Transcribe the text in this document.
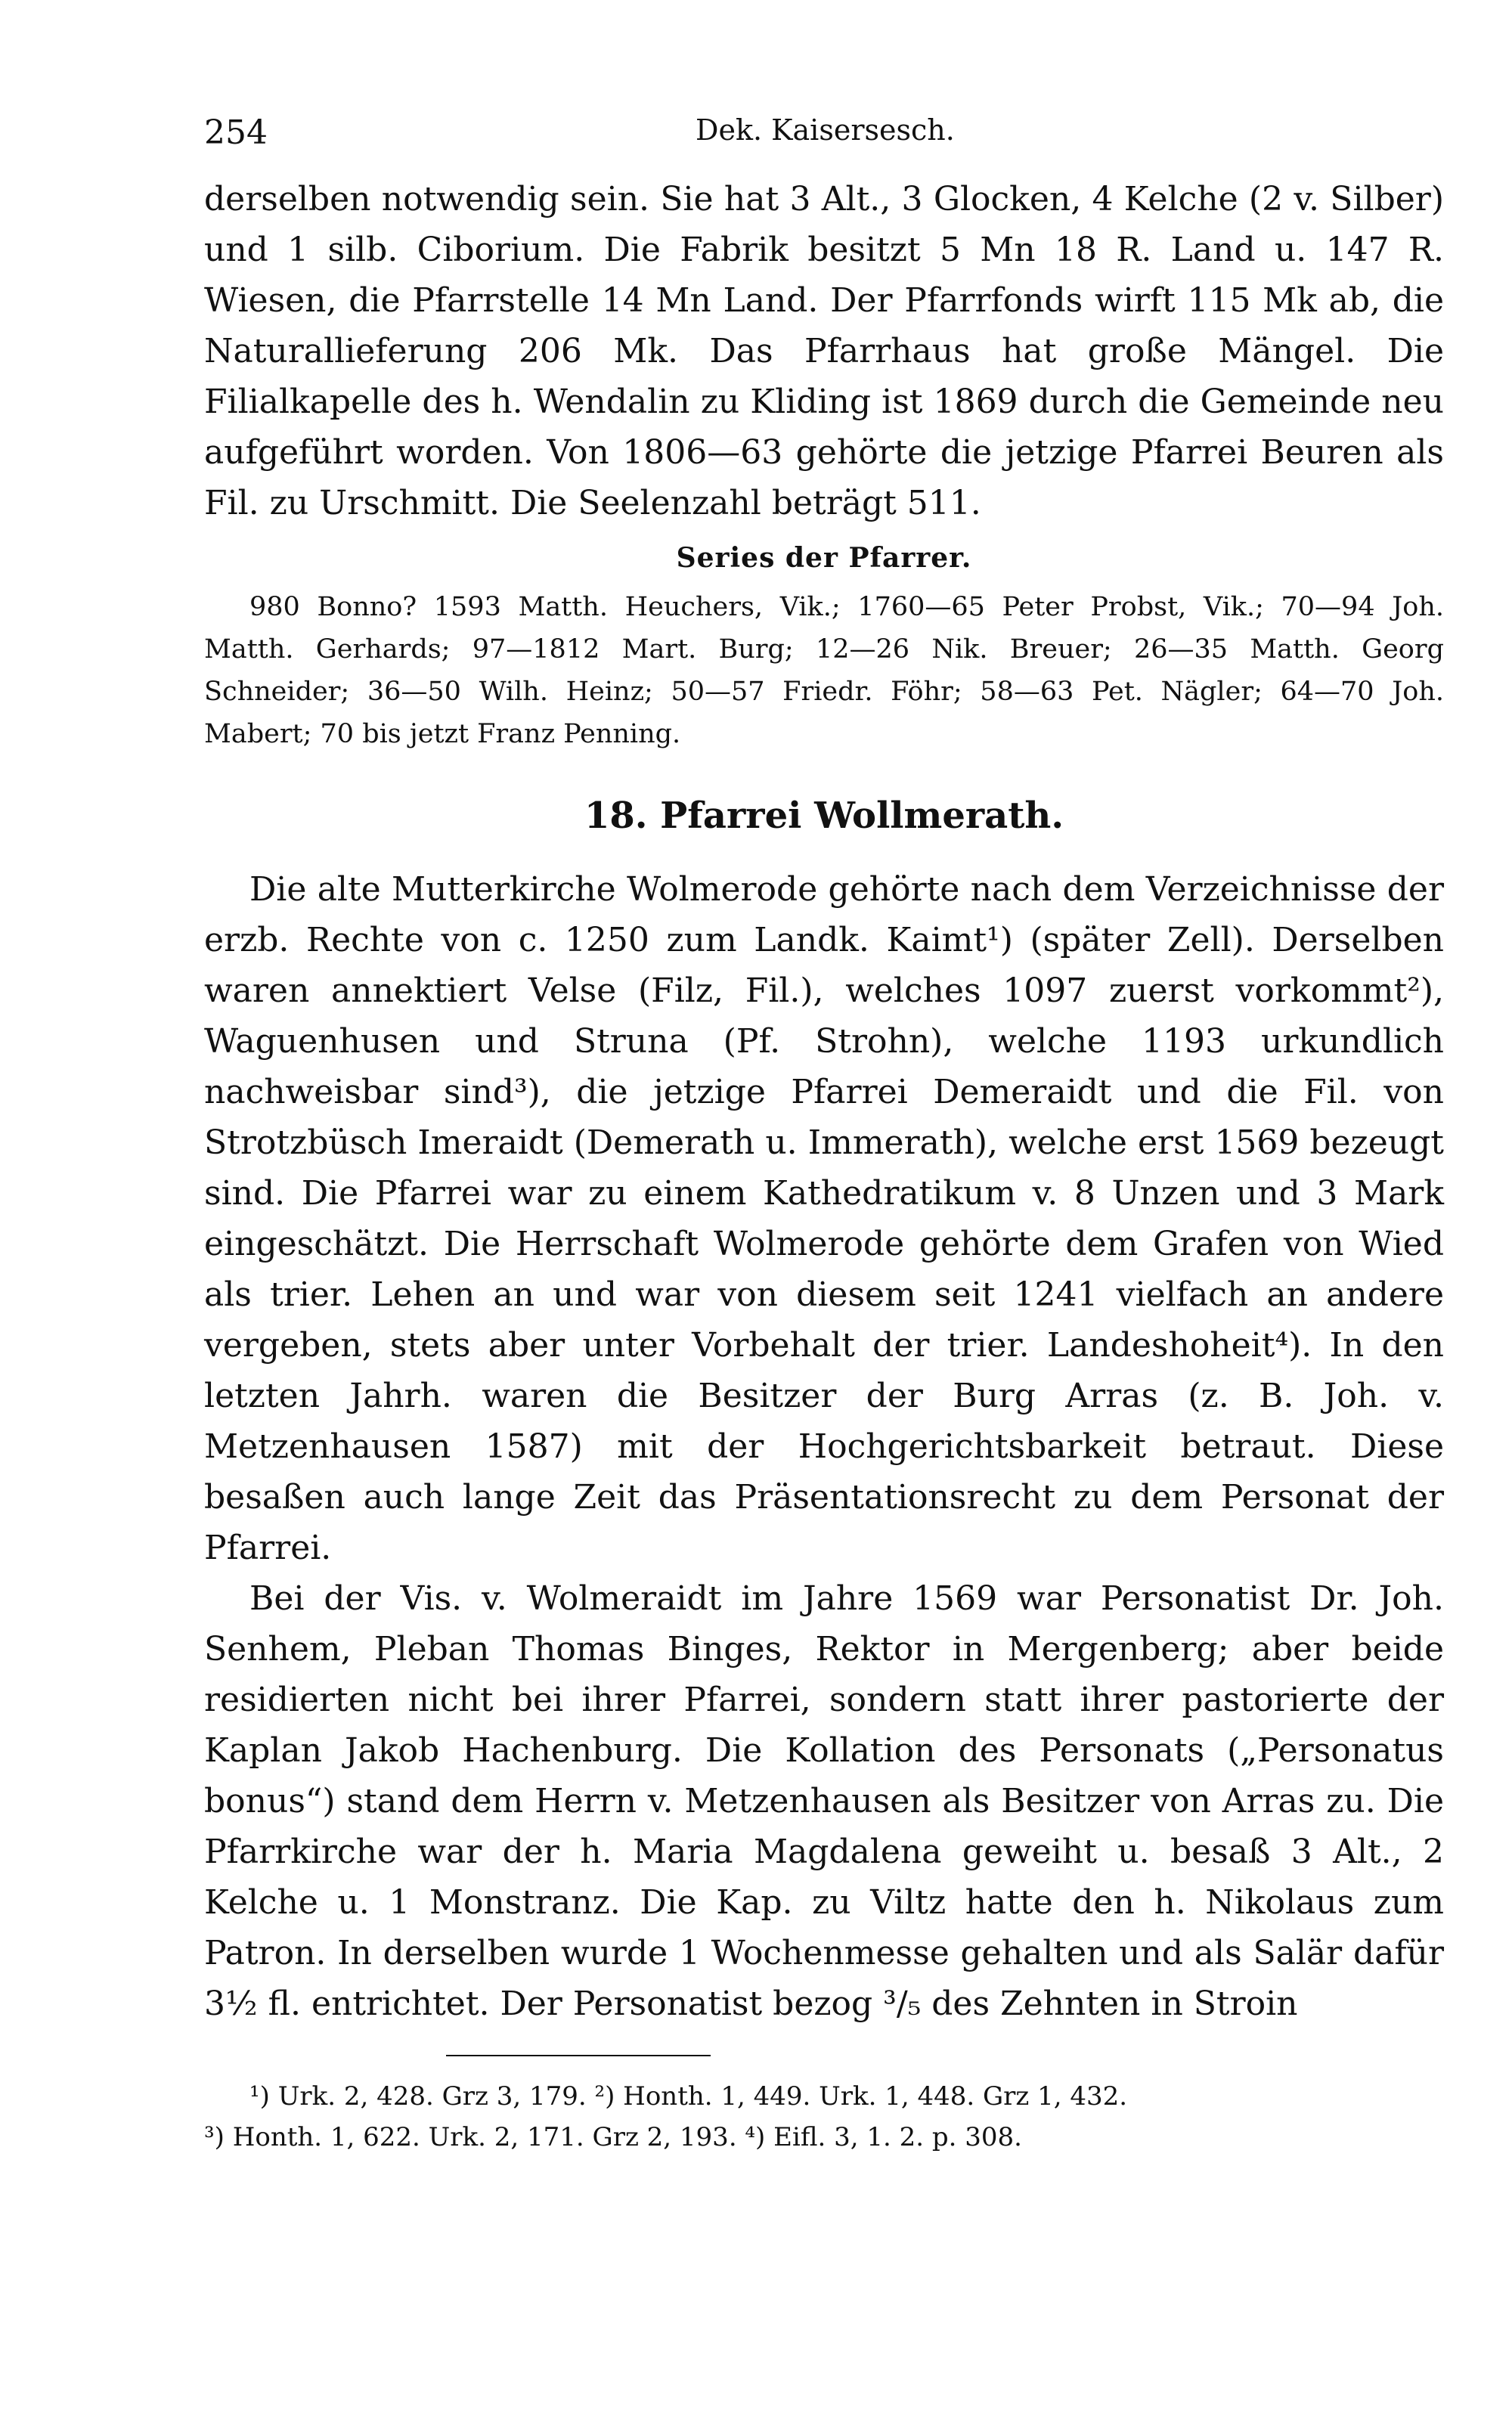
254	Dek. Kaisersesch.

derselben notwendig sein. Sie hat 3 Alt., 3 Glocken, 4 Kelche (2 v. Silber) und 1 silb. Ciborium. Die Fabrik besitzt 5 Mn 18 R. Land u. 147 R. Wiesen, die Pfarrstelle 14 Mn Land. Der Pfarrfonds wirft 115 Mk ab, die Naturallieferung 206 Mk. Das Pfarrhaus hat große Mängel. Die Filialkapelle des h. Wendalin zu Kliding ist 1869 durch die Gemeinde neu aufgeführt worden. Von 1806—63 gehörte die jetzige Pfarrei Beuren als Fil. zu Urschmitt. Die Seelenzahl beträgt 511.

Series der Pfarrer.

980 Bonno? 1593 Matth. Heuchers, Vik.; 1760—65 Peter Probst, Vik.; 70—94 Joh. Matth. Gerhards; 97—1812 Mart. Burg; 12—26 Nik. Breuer; 26—35 Matth. Georg Schneider; 36—50 Wilh. Heinz; 50—57 Friedr. Föhr; 58—63 Pet. Nägler; 64—70 Joh. Mabert; 70 bis jetzt Franz Penning.

18. Pfarrei Wollmerath.

Die alte Mutterkirche Wolmerode gehörte nach dem Verzeichnisse der erzb. Rechte von c. 1250 zum Landk. Kaimt¹) (später Zell). Derselben waren annektiert Velse (Filz, Fil.), welches 1097 zuerst vorkommt²), Waguenhusen und Struna (Pf. Strohn), welche 1193 urkundlich nachweisbar sind³), die jetzige Pfarrei Demeraidt und die Fil. von Strotzbüsch Imeraidt (Demerath u. Immerath), welche erst 1569 bezeugt sind. Die Pfarrei war zu einem Kathedratikum v. 8 Unzen und 3 Mark eingeschätzt. Die Herrschaft Wolmerode gehörte dem Grafen von Wied als trier. Lehen an und war von diesem seit 1241 vielfach an andere vergeben, stets aber unter Vorbehalt der trier. Landeshoheit⁴). In den letzten Jahrh. waren die Besitzer der Burg Arras (z. B. Joh. v. Metzenhausen 1587) mit der Hochgerichtsbarkeit betraut. Diese besaßen auch lange Zeit das Präsentationsrecht zu dem Personat der Pfarrei.

Bei der Vis. v. Wolmeraidt im Jahre 1569 war Personatist Dr. Joh. Senhem, Pleban Thomas Binges, Rektor in Mergenberg; aber beide residierten nicht bei ihrer Pfarrei, sondern statt ihrer pastorierte der Kaplan Jakob Hachenburg. Die Kollation des Personats („Personatus bonus“) stand dem Herrn v. Metzenhausen als Besitzer von Arras zu. Die Pfarrkirche war der h. Maria Magdalena geweiht u. besaß 3 Alt., 2 Kelche u. 1 Monstranz. Die Kap. zu Viltz hatte den h. Nikolaus zum Patron. In derselben wurde 1 Wochenmesse gehalten und als Salär dafür 3½ fl. entrichtet. Der Personatist bezog ³/₅ des Zehnten in Stroin

¹) Urk. 2, 428. Grz 3, 179. ²) Honth. 1, 449. Urk. 1, 448. Grz 1, 432.

³) Honth. 1, 622. Urk. 2, 171. Grz 2, 193. ⁴) Eifl. 3, 1. 2. p. 308.
